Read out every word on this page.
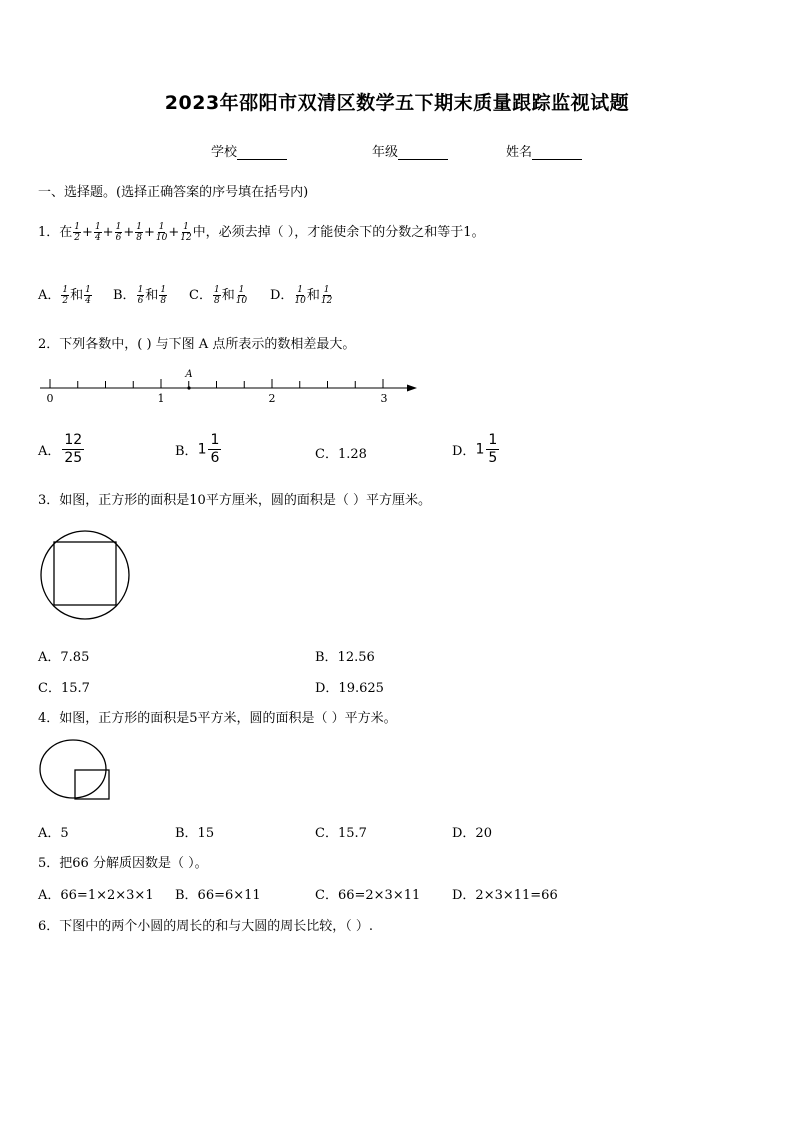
2023年邵阳市双清区数学五下期末质量跟踪监视试题
学校	年级	姓名
一、选择题。(选择正确答案的序号填在括号内)
1．在 $\frac{1}{2} + \frac{1}{4} + \frac{1}{6} + \frac{1}{8} + \frac{1}{10} + \frac{1}{12}$ 中，必须去掉（ ），才能使余下的分数之和等于1。
A． $\frac{1}{2}$ 和 $\frac{1}{4}$ B． $\frac{1}{6}$ 和 $\frac{1}{8}$ C． $\frac{1}{8}$ 和 $\frac{1}{10}$ D． $\frac{1}{10}$ 和 $\frac{1}{12}$
2．下列各数中，( ) 与下图 A 点所表示的数相差最大。
0	1	2	3
A
A． $\frac{12}{25}$	B．$1 \frac{1}{6}$	C．1.28	D．$1 \frac{1}{5}$
3．如图，正方形的面积是10平方厘米，圆的面积是（ ）平方厘米。
A．7.85	B．12.56
C．15.7	D．19.625
4．如图，正方形的面积是5平方米，圆的面积是（ ）平方米。
A．5	B．15	C．15.7	D．20
5．把66 分解质因数是（ ）。
A．66=1×2×3×1 B．66=6×11	C．66=2×3×11 D．2×3×11=66
6．下图中的两个小圆的周长的和与大圆的周长比较，（ ）.
